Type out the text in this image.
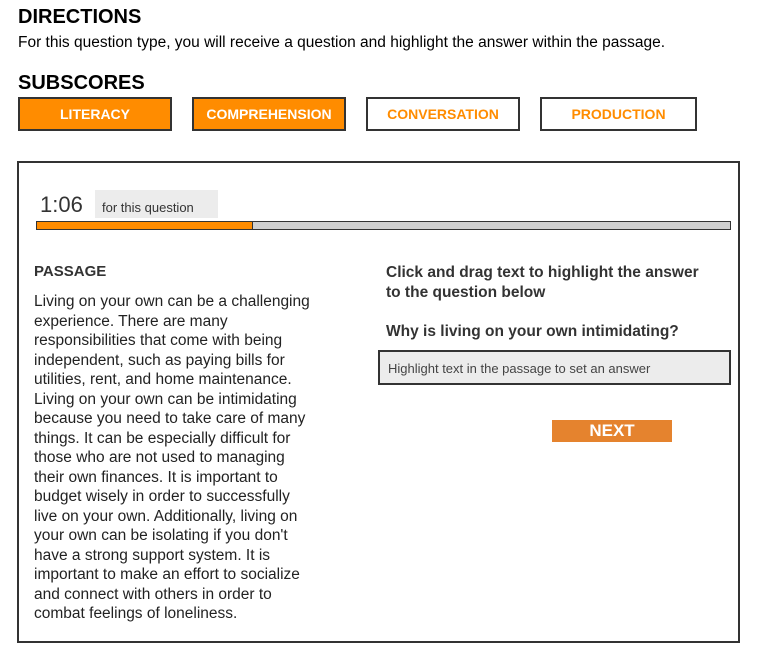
DIRECTIONS
For this question type, you will receive a question and highlight the answer within the passage.
SUBSCORES
LITERACY	COMPREHENSION	CONVERSATION	PRODUCTION
1:06	for this question
PASSAGE
Living on your own can be a challenging
experience. There are many
responsibilities that come with being
independent, such as paying bills for
utilities, rent, and home maintenance.
Living on your own can be intimidating
because you need to take care of many
things. It can be especially difficult for
those who are not used to managing
their own finances. It is important to
budget wisely in order to successfully
live on your own. Additionally, living on
your own can be isolating if you don't
have a strong support system. It is
important to make an effort to socialize
and connect with others in order to
combat feelings of loneliness.
Click and drag text to highlight the answer to the question below
Why is living on your own intimidating?
Highlight text in the passage to set an answer
NEXT
